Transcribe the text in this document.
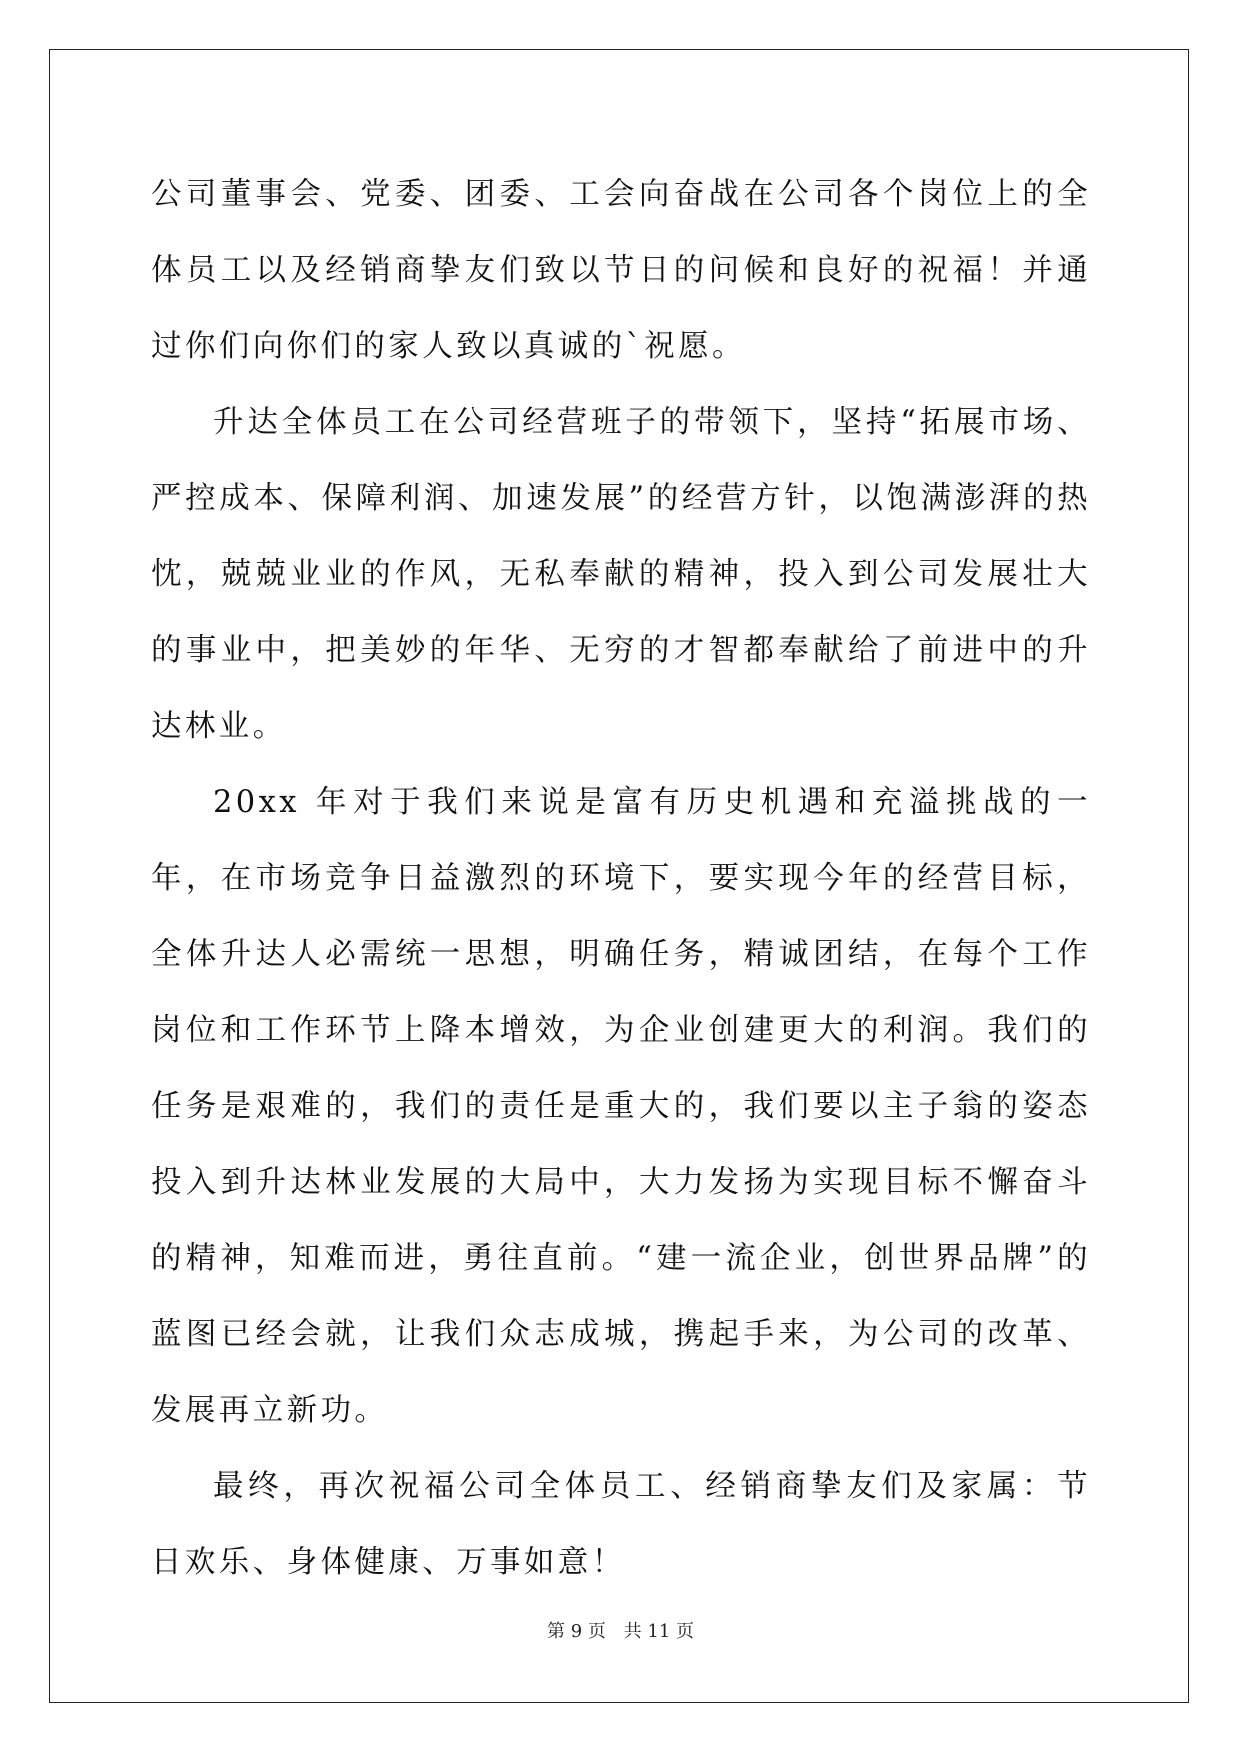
公司董事会、党委、团委、工会向奋战在公司各个岗位上的全体员工以及经销商挚友们致以节日的问候和良好的祝福！并通过你们向你们的家人致以真诚的`祝愿。

升达全体员工在公司经营班子的带领下，坚持“拓展市场、严控成本、保障利润、加速发展”的经营方针，以饱满澎湃的热忱，兢兢业业的作风，无私奉献的精神，投入到公司发展壮大的事业中，把美妙的年华、无穷的才智都奉献给了前进中的升达林业。

20xx 年对于我们来说是富有历史机遇和充溢挑战的一年，在市场竞争日益激烈的环境下，要实现今年的经营目标，全体升达人必需统一思想，明确任务，精诚团结，在每个工作岗位和工作环节上降本增效，为企业创建更大的利润。我们的任务是艰难的，我们的责任是重大的，我们要以主子翁的姿态投入到升达林业发展的大局中，大力发扬为实现目标不懈奋斗的精神，知难而进，勇往直前。“建一流企业，创世界品牌”的蓝图已经会就，让我们众志成城，携起手来，为公司的改革、发展再立新功。

最终，再次祝福公司全体员工、经销商挚友们及家属：节日欢乐、身体健康、万事如意！

第 9 页 共 11 页
